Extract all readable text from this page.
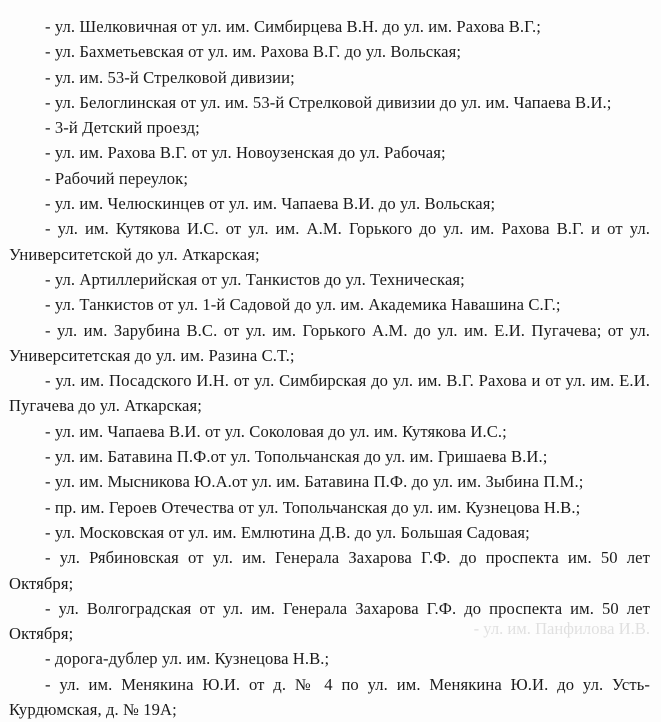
- ул. Шелковичная от ул. им. Симбирцева В.Н. до ул. им. Рахова В.Г.;

- ул. Бахметьевская от ул. им. Рахова В.Г. до ул. Вольская;

- ул. им. 53-й Стрелковой дивизии;

- ул. Белоглинская от ул. им. 53-й Стрелковой дивизии до ул. им. Чапаева В.И.;

- 3-й Детский проезд;

- ул. им. Рахова В.Г. от ул. Новоузенская до ул. Рабочая;

- Рабочий переулок;

- ул. им. Челюскинцев от ул. им. Чапаева В.И. до ул. Вольская;

- ул. им. Кутякова И.С. от ул. им. А.М. Горького до ул. им. Рахова В.Г. и от ул. Университетской до ул. Аткарская;

- ул. Артиллерийская от ул. Танкистов до ул. Техническая;

- ул. Танкистов от ул. 1-й Садовой до ул. им. Академика Навашина С.Г.;

- ул. им. Зарубина В.С. от ул. им. Горького А.М. до ул. им. Е.И. Пугачева; от ул. Университетская до ул. им. Разина С.Т.;

- ул. им. Посадского И.Н. от ул. Симбирская до ул. им. В.Г. Рахова и от ул. им. Е.И. Пугачева до ул. Аткарская;

- ул. им. Чапаева В.И. от ул. Соколовая до ул. им. Кутякова И.С.;

- ул. им. Батавина П.Ф.от ул. Топольчанская до ул. им. Гришаева В.И.;

- ул. им. Мысникова Ю.А.от ул. им. Батавина П.Ф. до ул. им. Зыбина П.М.;

- пр. им. Героев Отечества от ул. Топольчанская до ул. им. Кузнецова Н.В.;

- ул. Московская от ул. им. Емлютина Д.В. до ул. Большая Садовая;

- ул. Рябиновская от ул. им. Генерала Захарова Г.Ф. до проспекта им. 50 лет Октября;

- ул. Волгоградская от ул. им. Генерала Захарова Г.Ф. до проспекта им. 50 лет Октября;

- дорога-дублер ул. им. Кузнецова Н.В.;

- ул. им. Менякина Ю.И. от д. № 4 по ул. им. Менякина Ю.И. до ул. Усть-Курдюмская, д. № 19А;

- ул. им. Панфилова И.В.
